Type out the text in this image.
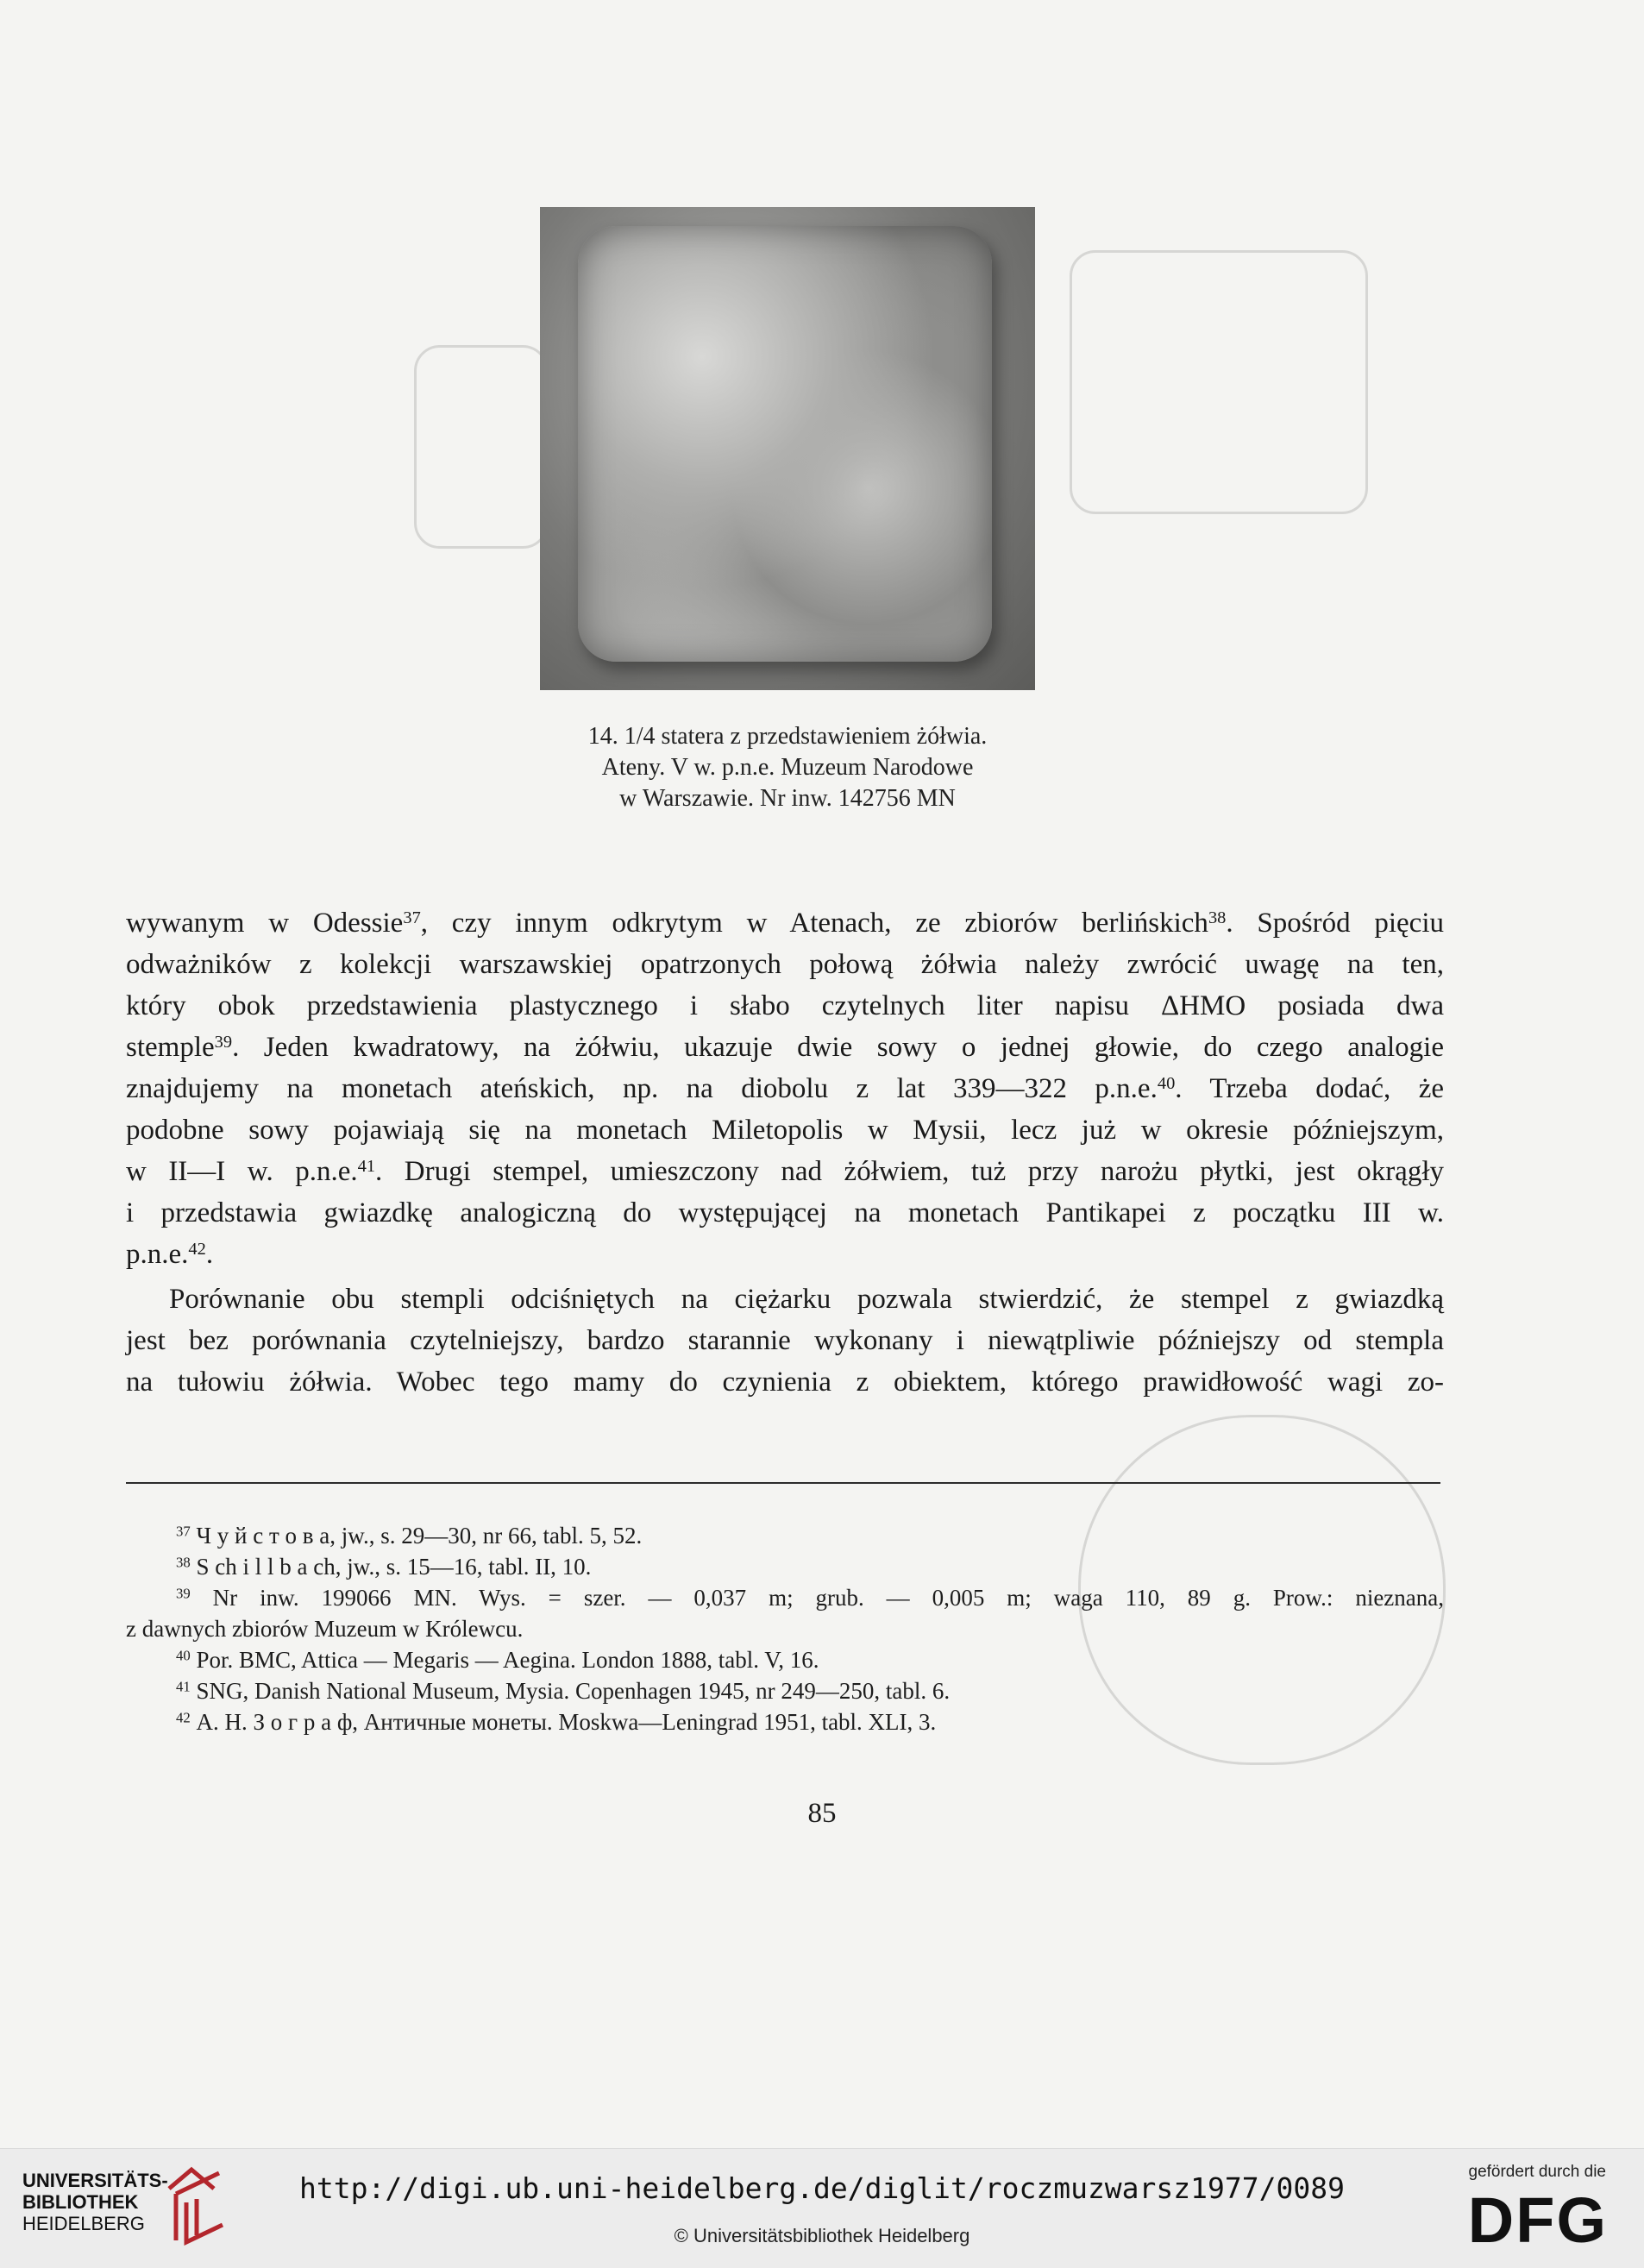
14. 1/4 statera z przedstawieniem żółwia.
Ateny. V w. p.n.e. Muzeum Narodowe
w Warszawie. Nr inw. 142756 MN
wywanym w Odessie$^{37}$, czy innym odkrytym w Atenach, ze zbiorów berlińskich$^{38}$. Spośród pięciu
odważników z kolekcji warszawskiej opatrzonych połową żółwia należy zwrócić uwagę na ten,
który obok przedstawienia plastycznego i słabo czytelnych liter napisu ΔΗΜΟ posiada dwa
stemple$^{39}$. Jeden kwadratowy, na żółwiu, ukazuje dwie sowy o jednej głowie, do czego analogie
znajdujemy na monetach ateńskich, np. na diobolu z lat 339—322 p.n.e.$^{40}$. Trzeba dodać, że
podobne sowy pojawiają się na monetach Miletopolis w Mysii, lecz już w okresie późniejszym,
w II—I w. p.n.e.$^{41}$. Drugi stempel, umieszczony nad żółwiem, tuż przy narożu płytki, jest okrągły
i przedstawia gwiazdkę analogiczną do występującej na monetach Pantikapei z początku III w.
p.n.e.$^{42}$.
Porównanie obu stempli odciśniętych na ciężarku pozwala stwierdzić, że stempel z gwiazdką
jest bez porównania czytelniejszy, bardzo starannie wykonany i niewątpliwie późniejszy od stempla
na tułowiu żółwia. Wobec tego mamy do czynienia z obiektem, którego prawidłowość wagi zo-
$^{37}$ Ч у й с т о в а, jw., s. 29—30, nr 66, tabl. 5, 52.
$^{38}$ S ch i l l b a ch, jw., s. 15—16, tabl. II, 10.
$^{39}$ Nr inw. 199066 MN. Wys. = szer. — 0,037 m; grub. — 0,005 m; waga 110, 89 g. Prow.: nieznana,
z dawnych zbiorów Muzeum w Królewcu.
$^{40}$ Por. BMC, Attica — Megaris — Aegina. London 1888, tabl. V, 16.
$^{41}$ SNG, Danish National Museum, Mysia. Copenhagen 1945, nr 249—250, tabl. 6.
$^{42}$ А. Н. З о г р а ф, Античные монеты. Moskwa—Leningrad 1951, tabl. XLI, 3.
85
UNIVERSITÄTS-
BIBLIOTHEK
HEIDELBERG
http://digi.ub.uni-heidelberg.de/diglit/roczmuzwarsz1977/0089
© Universitätsbibliothek Heidelberg
gefördert durch die
DFG
